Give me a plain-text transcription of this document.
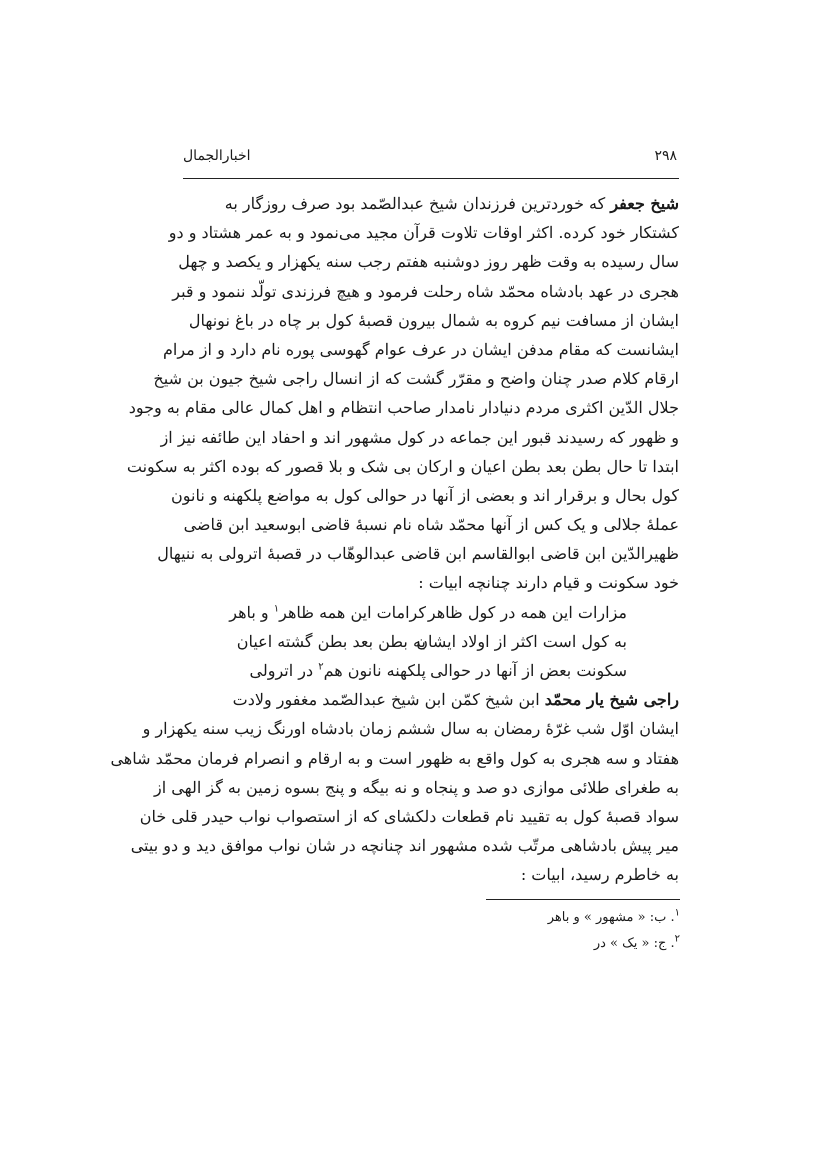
۲۹۸
اخبارالجمال
شیخ جعفر که خوردترین فرزندان شیخ عبدالصّمد بود صرف روزگار به
کشتکار خود کرده. اکثر اوقات تلاوت قرآن مجید می‌نمود و به عمر هشتاد و دو
سال رسیده به وقت ظهر روز دوشنبه هفتم رجب سنه یکهزار و یکصد و چهل
هجری در عهد بادشاه محمّد شاه رحلت فرمود و هیچ فرزندی تولّد ننمود و قبر
ایشان از مسافت نیم کروه به شمال بیرون قصبهٔ کول بر چاه در باغ نونهال
ایشانست که مقام مدفن ایشان در عرف عوام گهوسی پوره نام دارد و از مرام
ارقام کلام صدر چنان واضح و مقرّر گشت که از انسال راجی شیخ جیون بن شیخ
جلال الدّین اکثری مردم دنیادار نامدار صاحب انتظام و اهل کمال عالی مقام به وجود
و ظهور که رسیدند قبور این جماعه در کول مشهور اند و احفاد این طائفه نیز از
ابتدا تا حال بطن بعد بطن اعیان و ارکان بی شک و بلا قصور که بوده اکثر به سکونت
کول بحال و برقرار اند و بعضی از آنها در حوالی کول به مواضع پلکهنه و نانون
عملهٔ جلالی و یک کس از آنها محمّد شاه نام نسبهٔ قاضی ابوسعید ابن قاضی
ظهیرالدّین ابن قاضی ابوالقاسم ابن قاضی عبدالوهّاب در قصبهٔ اترولی به ننیهال
خود سکونت و قیام دارند چنانچه ابیات :
مزارات این همه در کول ظاهر
کرامات این همه ظاهر$^۱$ و باهر
به کول است اکثر از اولاد ایشان
به بطن بعد بطن گشته اعیان
سکونت بعض از آنها در حوالی
پلکهنه نانون هم$^۲$ در اترولی
راجی شیخ یار محمّد ابن شیخ کمّن ابن شیخ عبدالصّمد مغفور ولادت
ایشان اوّل شب غرّهٔ رمضان به سال ششم زمان بادشاه اورنگ زیب سنه یکهزار و
هفتاد و سه هجری به کول واقع به ظهور است و به ارقام و انصرام فرمان محمّد شاهی
به طغرای طلائی موازی دو صد و پنجاه و نه بیگه و پنج بسوه زمین به گز الهی از
سواد قصبهٔ کول به تقیید نام قطعات دلکشای که از استصواب نواب حیدر قلی خان
میر پیش بادشاهی مرتّب شده مشهور اند چنانچه در شان نواب موافق دید و دو بیتی
به خاطرم رسید، ابیات :
$^۱$. ب: « مشهور » و باهر
$^۲$. ج: « یک » در
